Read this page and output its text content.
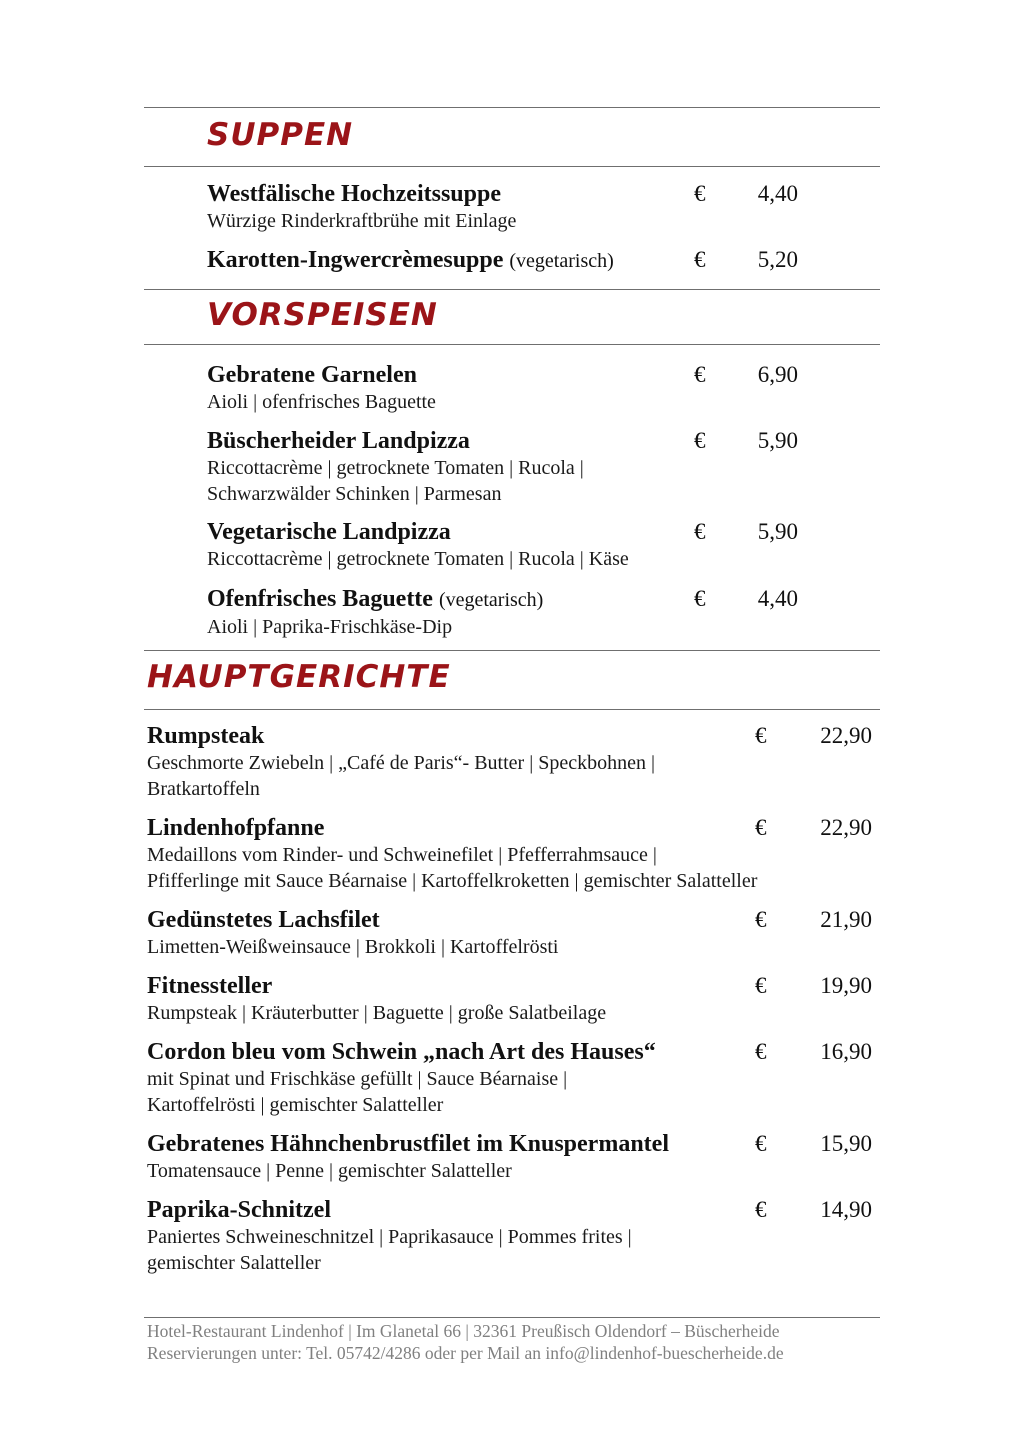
SUPPEN
Westfälische Hochzeitssuppe
Würzige Rinderkraftbrühe mit Einlage
€	4,40
Karotten-Ingwercrèmesuppe (vegetarisch)	€	5,20
VORSPEISEN
Gebratene Garnelen
Aioli | ofenfrisches Baguette
€	6,90
Büscherheider Landpizza
Riccottacrème | getrocknete Tomaten | Rucola |
Schwarzwälder Schinken | Parmesan
€	5,90
Vegetarische Landpizza
Riccottacrème | getrocknete Tomaten | Rucola | Käse
€	5,90
Ofenfrisches Baguette (vegetarisch)
Aioli | Paprika-Frischkäse-Dip
€	4,40
HAUPTGERICHTE
Rumpsteak
Geschmorte Zwiebeln | „Café de Paris“- Butter | Speckbohnen |
Bratkartoffeln
€	22,90
Lindenhofpfanne
Medaillons vom Rinder- und Schweinefilet | Pfefferrahmsauce |
Pfifferlinge mit Sauce Béarnaise | Kartoffelkroketten | gemischter Salatteller
€	22,90
Gedünstetes Lachsfilet
Limetten-Weißweinsauce | Brokkoli | Kartoffelrösti
€	21,90
Fitnessteller
Rumpsteak | Kräuterbutter | Baguette | große Salatbeilage
€	19,90
Cordon bleu vom Schwein „nach Art des Hauses“
mit Spinat und Frischkäse gefüllt | Sauce Béarnaise |
Kartoffelrösti | gemischter Salatteller
€	16,90
Gebratenes Hähnchenbrustfilet im Knuspermantel
Tomatensauce | Penne | gemischter Salatteller
€	15,90
Paprika-Schnitzel
Paniertes Schweineschnitzel | Paprikasauce | Pommes frites |
gemischter Salatteller
€	14,90
Hotel-Restaurant Lindenhof | Im Glanetal 66 | 32361 Preußisch Oldendorf – Büscherheide
Reservierungen unter: Tel. 05742/4286 oder per Mail an info@lindenhof-buescherheide.de
